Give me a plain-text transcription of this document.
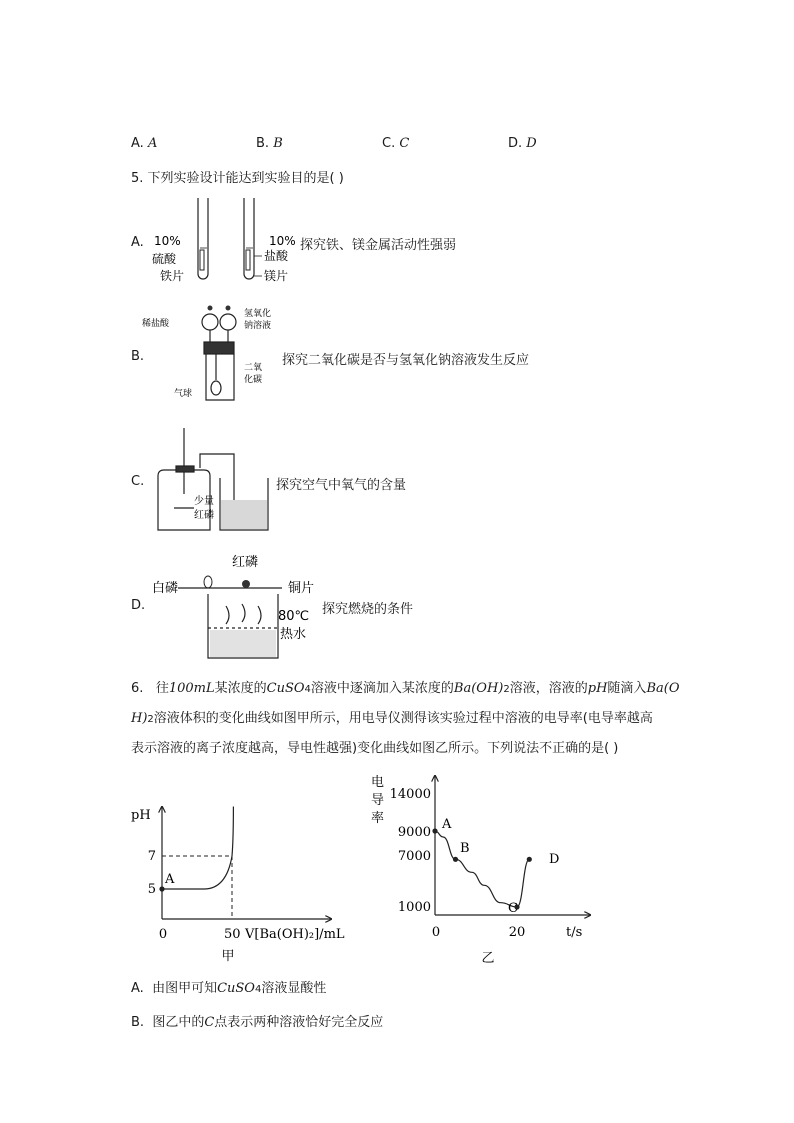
A. A	B. B	C. C	D. D
5. 下列实验设计能达到实验目的是( )
A.	探究铁、镁金属活动性强弱
10%
硫酸
铁片
10%
盐酸
镁片
B.	探究二氧化碳是否与氢氧化钠溶液发生反应
稀盐酸
氢氧化
钠溶液
二氧
化碳
气球
C.	探究空气中氧气的含量
少量
红磷
D.	探究燃烧的条件
红磷
白磷	铜片
80℃
热水
6. 往100mL某浓度的CuSO4溶液中逐滴加入某浓度的Ba(OH)2溶液，溶液的pH随滴入Ba(O
H)2溶液体积的变化曲线如图甲所示，用电导仪测得该实验过程中溶液的电导率(电导率越高
表示溶液的离子浓度越高，导电性越强)变化曲线如图乙所示。下列说法不正确的是( )
pH
7
5
0	50 V[Ba(OH)₂]/mL
A
甲
电
导
率
14000
9000
7000
1000
0	20	t/s
A
B
C
D
乙
A. 由图甲可知CuSO4溶液显酸性
B. 图乙中的C点表示两种溶液恰好完全反应
